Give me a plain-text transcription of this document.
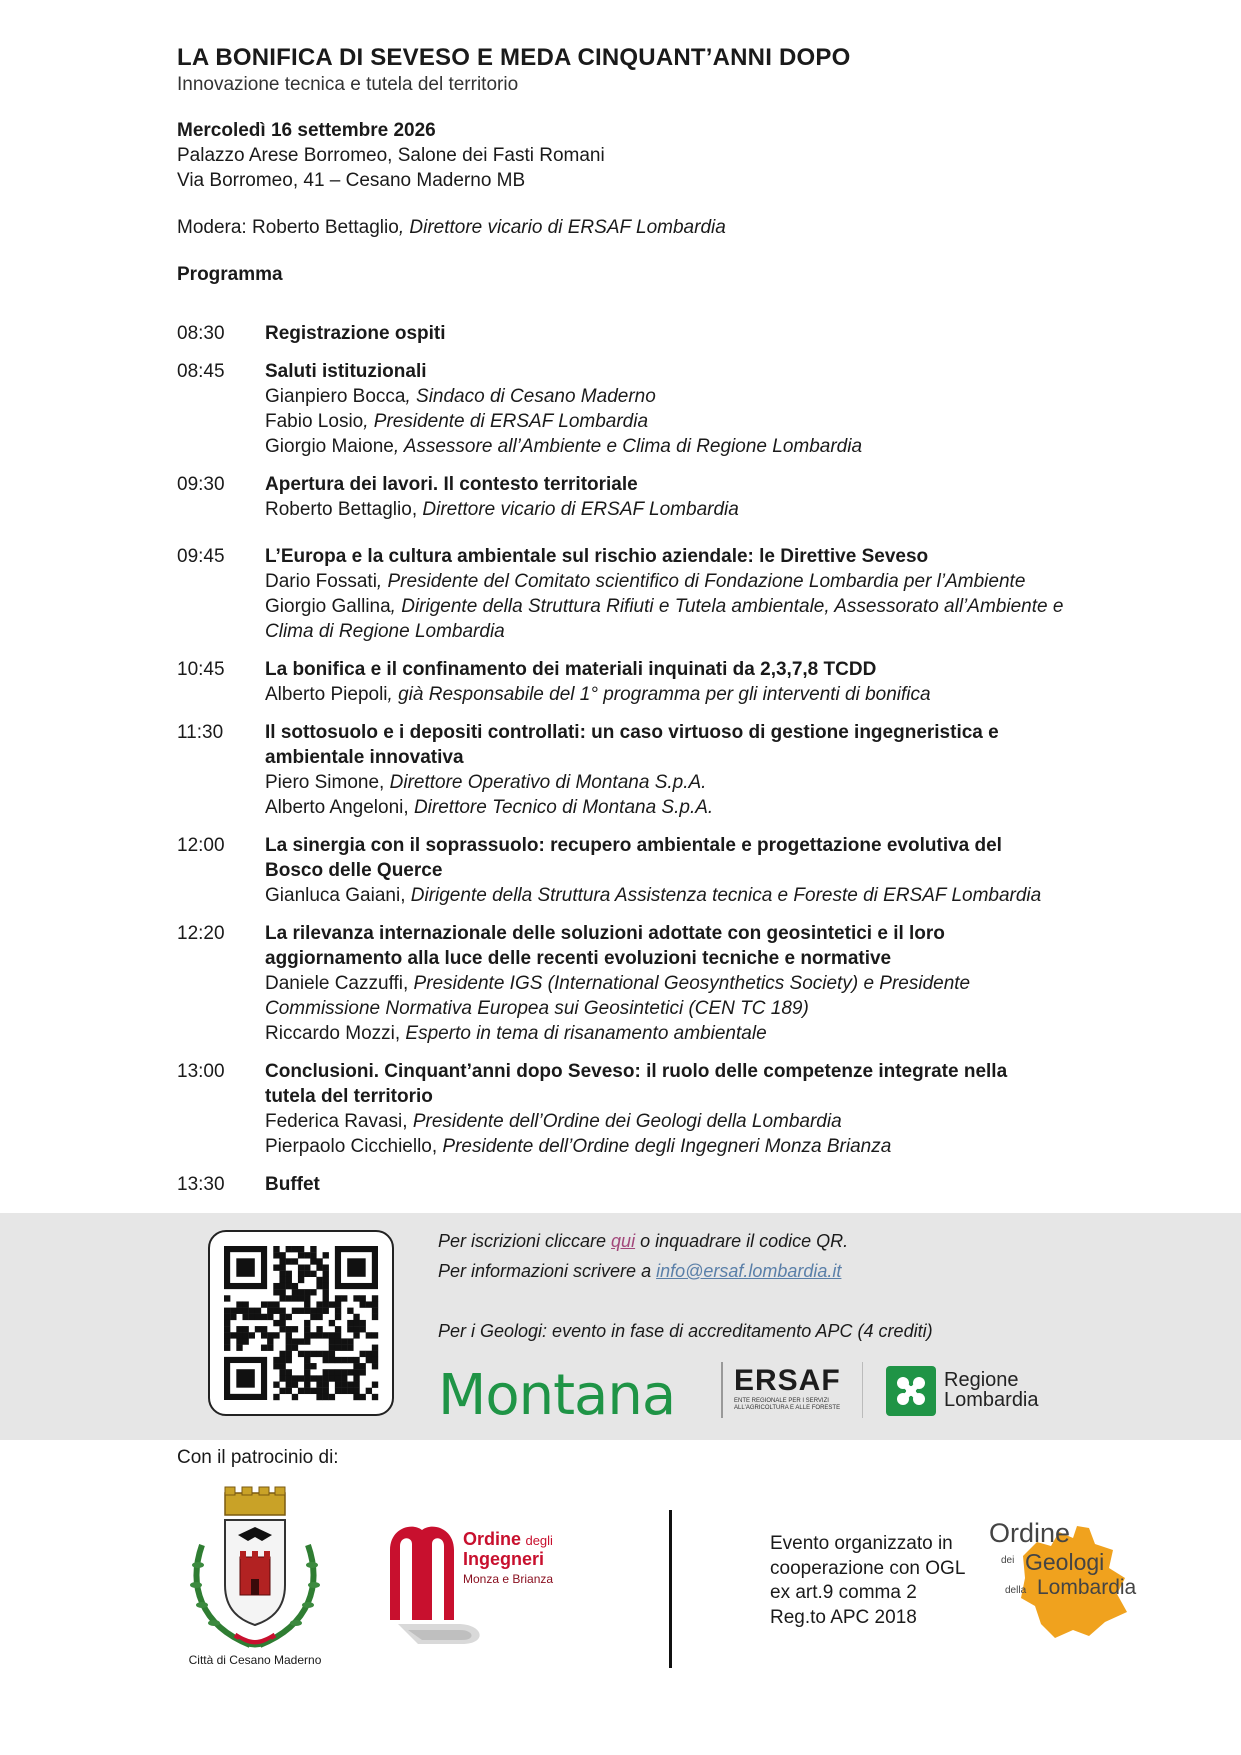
LA BONIFICA DI SEVESO E MEDA CINQUANT’ANNI DOPO
Innovazione tecnica e tutela del territorio
Mercoledì 16 settembre 2026
Palazzo Arese Borromeo, Salone dei Fasti Romani
Via Borromeo, 41 – Cesano Maderno MB
Modera: Roberto Bettaglio, Direttore vicario di ERSAF Lombardia
Programma
08:30	Registrazione ospiti
08:45	Saluti istituzionali
Gianpiero Bocca, Sindaco di Cesano Maderno
Fabio Losio, Presidente di ERSAF Lombardia
Giorgio Maione, Assessore all’Ambiente e Clima di Regione Lombardia
09:30	Apertura dei lavori. Il contesto territoriale
Roberto Bettaglio, Direttore vicario di ERSAF Lombardia
09:45	L’Europa e la cultura ambientale sul rischio aziendale: le Direttive Seveso
Dario Fossati, Presidente del Comitato scientifico di Fondazione Lombardia per l’Ambiente
Giorgio Gallina, Dirigente della Struttura Rifiuti e Tutela ambientale, Assessorato all’Ambiente e
Clima di Regione Lombardia
10:45	La bonifica e il confinamento dei materiali inquinati da 2,3,7,8 TCDD
Alberto Piepoli, già Responsabile del 1° programma per gli interventi di bonifica
11:30	Il sottosuolo e i depositi controllati: un caso virtuoso di gestione ingegneristica e
ambientale innovativa
Piero Simone, Direttore Operativo di Montana S.p.A.
Alberto Angeloni, Direttore Tecnico di Montana S.p.A.
12:00	La sinergia con il soprassuolo: recupero ambientale e progettazione evolutiva del
Bosco delle Querce
Gianluca Gaiani, Dirigente della Struttura Assistenza tecnica e Foreste di ERSAF Lombardia
12:20	La rilevanza internazionale delle soluzioni adottate con geosintetici e il loro
aggiornamento alla luce delle recenti evoluzioni tecniche e normative
Daniele Cazzuffi, Presidente IGS (International Geosynthetics Society) e Presidente
Commissione Normativa Europea sui Geosintetici (CEN TC 189)
Riccardo Mozzi, Esperto in tema di risanamento ambientale
13:00	Conclusioni. Cinquant’anni dopo Seveso: il ruolo delle competenze integrate nella
tutela del territorio
Federica Ravasi, Presidente dell’Ordine dei Geologi della Lombardia
Pierpaolo Cicchiello, Presidente dell’Ordine degli Ingegneri Monza Brianza
13:30	Buffet
Per iscrizioni cliccare qui o inquadrare il codice QR.
Per informazioni scrivere a info@ersaf.lombardia.it
Per i Geologi: evento in fase di accreditamento APC (4 crediti)
Montana ERSAF
ENTE REGIONALE PER I SERVIZI
ALL'AGRICOLTURA E ALLE FORESTE
Regione
Lombardia
Con il patrocinio di:
Città di Cesano Maderno
Ordine degli
Ingegneri
Monza e Brianza
Evento organizzato in
cooperazione con OGL
ex art.9 comma 2
Reg.to APC 2018
Ordine
dei Geologi
della Lombardia
